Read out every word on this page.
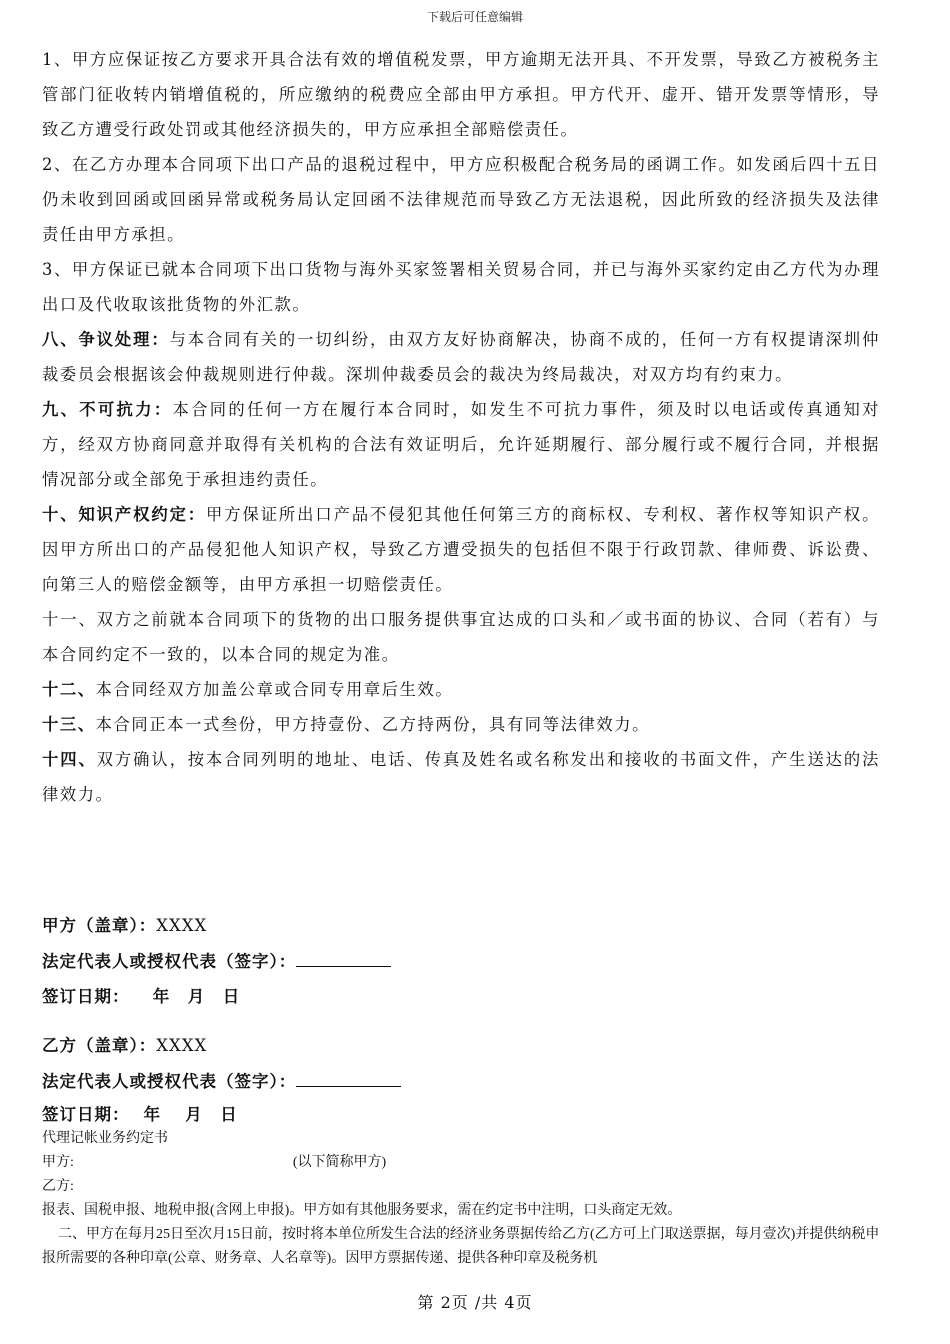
下载后可任意编辑

1、甲方应保证按乙方要求开具合法有效的增值税发票，甲方逾期无法开具、不开发票，导致乙方被税务主管部门征收转内销增值税的，所应缴纳的税费应全部由甲方承担。甲方代开、虚开、错开发票等情形，导致乙方遭受行政处罚或其他经济损失的，甲方应承担全部赔偿责任。

2、在乙方办理本合同项下出口产品的退税过程中，甲方应积极配合税务局的函调工作。如发函后四十五日仍未收到回函或回函异常或税务局认定回函不法律规范而导致乙方无法退税，因此所致的经济损失及法律责任由甲方承担。

3、甲方保证已就本合同项下出口货物与海外买家签署相关贸易合同，并已与海外买家约定由乙方代为办理出口及代收取该批货物的外汇款。

八、争议处理：与本合同有关的一切纠纷，由双方友好协商解决，协商不成的，任何一方有权提请深圳仲裁委员会根据该会仲裁规则进行仲裁。深圳仲裁委员会的裁决为终局裁决，对双方均有约束力。

九、不可抗力：本合同的任何一方在履行本合同时，如发生不可抗力事件，须及时以电话或传真通知对方，经双方协商同意并取得有关机构的合法有效证明后，允许延期履行、部分履行或不履行合同，并根据情况部分或全部免于承担违约责任。

十、知识产权约定：甲方保证所出口产品不侵犯其他任何第三方的商标权、专利权、著作权等知识产权。因甲方所出口的产品侵犯他人知识产权，导致乙方遭受损失的包括但不限于行政罚款、律师费、诉讼费、向第三人的赔偿金额等，由甲方承担一切赔偿责任。

十一、双方之前就本合同项下的货物的出口服务提供事宜达成的口头和／或书面的协议、合同（若有）与本合同约定不一致的，以本合同的规定为准。

十二、本合同经双方加盖公章或合同专用章后生效。

十三、本合同正本一式叁份，甲方持壹份、乙方持两份，具有同等法律效力。

十四、双方确认，按本合同列明的地址、电话、传真及姓名或名称发出和接收的书面文件，产生送达的法律效力。

甲方（盖章）：XXXX
法定代表人或授权代表（签字）：
签订日期：　年　月　日
乙方（盖章）：XXXX
法定代表人或授权代表（签字）：
签订日期： 年　 月　日

代理记帐业务约定书

甲方:	(以下简称甲方)

乙方:

报表、国税申报、地税申报(含网上申报)。甲方如有其他服务要求，需在约定书中注明，口头商定无效。

二、甲方在每月25日至次月15日前，按时将本单位所发生合法的经济业务票据传给乙方(乙方可上门取送票据，每月壹次)并提供纳税申报所需要的各种印章(公章、财务章、人名章等)。因甲方票据传递、提供各种印章及税务机

第 2页 /共 4页
